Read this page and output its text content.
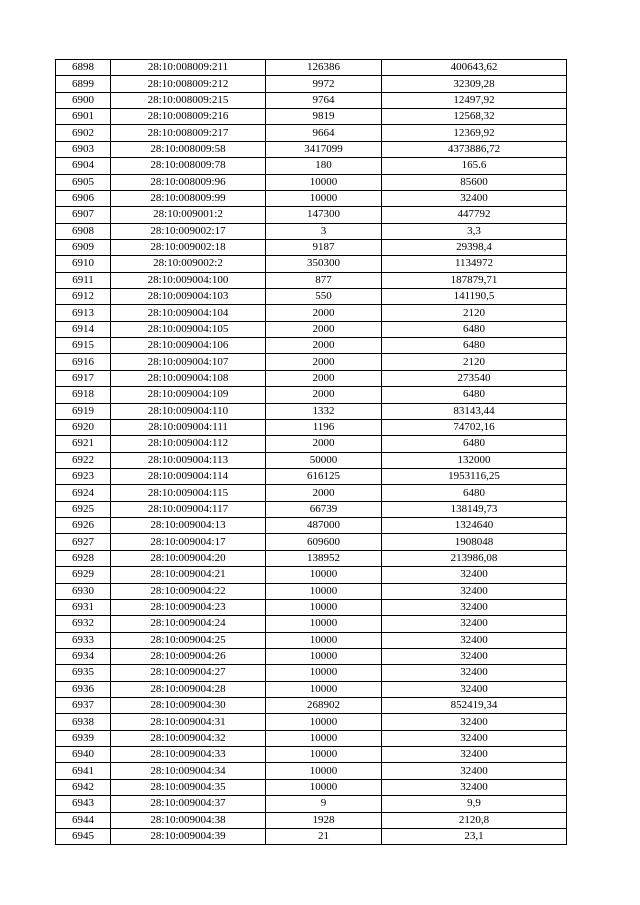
6898	28:10:008009:211	126386	400643,62
6899	28:10:008009:212	9972	32309,28
6900	28:10:008009:215	9764	12497,92
6901	28:10:008009:216	9819	12568,32
6902	28:10:008009:217	9664	12369,92
6903	28:10:008009:58	3417099	4373886,72
6904	28:10:008009:78	180	165.6
6905	28:10:008009:96	10000	85600
6906	28:10:008009:99	10000	32400
6907	28:10:009001:2	147300	447792
6908	28:10:009002:17	3	3,3
6909	28:10:009002:18	9187	29398,4
6910	28:10:009002:2	350300	1134972
6911	28:10:009004:100	877	187879,71
6912	28:10:009004:103	550	141190,5
6913	28:10:009004:104	2000	2120
6914	28:10:009004:105	2000	6480
6915	28:10:009004:106	2000	6480
6916	28:10:009004:107	2000	2120
6917	28:10:009004:108	2000	273540
6918	28:10:009004:109	2000	6480
6919	28:10:009004:110	1332	83143,44
6920	28:10:009004:111	1196	74702,16
6921	28:10:009004:112	2000	6480
6922	28:10:009004:113	50000	132000
6923	28:10:009004:114	616125	1953116,25
6924	28:10:009004:115	2000	6480
6925	28:10:009004:117	66739	138149,73
6926	28:10:009004:13	487000	1324640
6927	28:10:009004:17	609600	1908048
6928	28:10:009004:20	138952	213986,08
6929	28:10:009004:21	10000	32400
6930	28:10:009004:22	10000	32400
6931	28:10:009004:23	10000	32400
6932	28:10:009004:24	10000	32400
6933	28:10:009004:25	10000	32400
6934	28:10:009004:26	10000	32400
6935	28:10:009004:27	10000	32400
6936	28:10:009004:28	10000	32400
6937	28:10:009004:30	268902	852419,34
6938	28:10:009004:31	10000	32400
6939	28:10:009004:32	10000	32400
6940	28:10:009004:33	10000	32400
6941	28:10:009004:34	10000	32400
6942	28:10:009004:35	10000	32400
6943	28:10:009004:37	9	9,9
6944	28:10:009004:38	1928	2120,8
6945	28:10:009004:39	21	23,1
